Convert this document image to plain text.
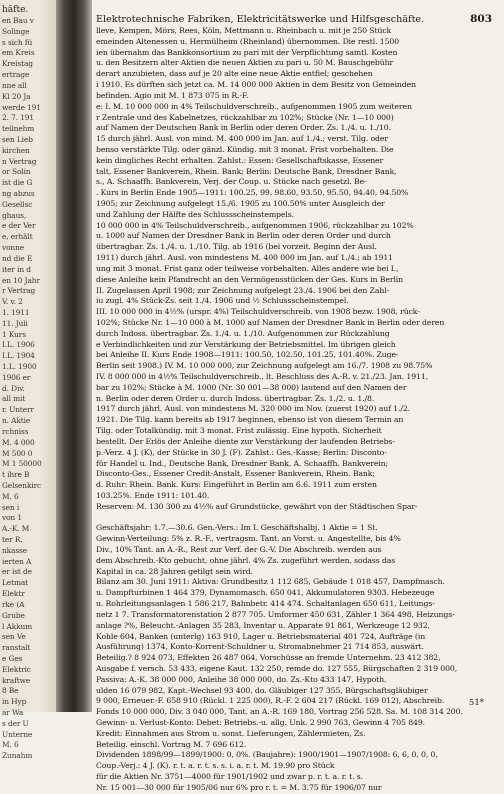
häfte.
en Bau v
Solinge
s sich fü
em Kreis
Kreistag
ertrage
nne all
Kl 20 Ja
werde 191
2. 7. 191
teilnehm
sen Lieb
kirchen
n Vertrag
or Solin
ist die G
ng abzus
Gesellsc
ghaus,
e der Ver
e, erhält
vonne
nd die E
iter in d
en 10 Jahr
r Vertrag
V. v. 2
1. 1911
11. Juli
1 Kurs
I.L. 1906
I.L. 1904
1.L. 1900
1906 er
d. Div.
all mit
r. Unterr
n. Aktie
rchniss
M. 4 000
M 500 0
M 1 50000
t ihre B
Gelsenkirc
M. 6
sen i
von 1
A.-K. M
ter R.
nkasse
ierten A
er ist de
Letmat
Elektr
rke (A
Grube
l Akkum
sen Ve
ranstalt
e Ges
Elektric
kraftwe
8 Be
in Hyp
ar Wa
s der U
Unterne
M. 6
Zunahm
Elektrotechnische Fabriken, Elektricitätswerke und Hilfsgeschäfte.	803
lleve, Kempen, Mörs, Rees, Köln, Mettmann u. Rheinbach u. mit je 250 Stück
emeinden Altenessen u. Hermülheim (Rheinland) übernommen. Die restl. 1500
ien übernahm das Bankkonsortium zu pari mit der Verpflichtung samtl. Kosten
u. den Besitzern alter Aktien die neuen Aktien zu pari u. 50 M. Bauschgebühr
derart anzubieten, dass auf je 20 alte eine neue Aktie entfiel; geschehen
i 1910. Es dürften sich jetzt ca. M. 14 000 000 Aktien in dem Besitz von Gemeinden
befinden. Agio mit M. 1 873 075 in R.-F.
e: I. M. 10 000 000 in 4% Teilschuldverschreib., aufgenommen 1905 zum weiteren
r Zentrale und des Kabelnetzes, rückzahlbar zu 102%; Stücke (Nr. 1—10 000)
auf Namen der Deutschen Bank in Berlin oder deren Order. Zs. 1./4. u. 1./10.
15 durch jährl. Ausl. von mind. M. 400 000 im Jan. auf 1./4.; verst. Tilg. oder
benso verstärkte Tilg. oder gänzl. Kündig. mit 3 monat. Frist vorbehalten. Die
kein dingliches Recht erhalten. Zahlst.: Essen: Gesellschaftskasse, Essener
talt, Essener Bankverein, Rhein. Bank; Berlin: Deutsche Bank, Dresdner Bank,
s., A. Schaaffh. Bankverein, Verj. der Coup. u. Stücke nach gesetzl. Be-
. Kurs in Berlin Ende 1905—1911: 100.25, 99, 98.60, 93.50, 95.50, 94.40, 94.50%
1905; zur Zeichnung aufgelegt 15./6. 1905 zu 100.50% unter Ausgleich der
und Zahlung der Hälfte des Schlussscheinstempels.
10 000 000 in 4% Teilschuldverschreib., aufgenommen 1906, rückzahlbar zu 102%
u. 1000 auf Namen der Dresdner Bank in Berlin oder deren Order und durch
übertragbar. Zs. 1./4. u. 1./10. Tilg. ab 1916 (bei vorzeit. Beginn der Ausl.
1911) durch jährl. Ausl. von mindestens M. 400 000 im Jan. auf 1./4.; ab 1911
ung mit 3 monat. Frist ganz oder teilweise vorbehalten. Alles andere wie bei I.,
diese Anleihe kein Pfandrecht an den Vermögensstücken der Ges. Kurs in Berlin
II. Zugelassen April 1908; zur Zeichnung aufgelegt 23./4. 1906 bei den Zahl-
iu zugl. 4% Stück-Zs. seit 1./4. 1906 und ½ Schlussscheinstempel.
III. 10 000 000 in 4½% (urspr. 4%) Teilschuldverschreib. von 1908 bezw. 1908, rück-
102%; Stücke Nr. 1—10 000 à M. 1000 auf Namen der Dresdner Bank in Berlin oder deren
durch Indoss. übertragbar. Zs. 1./4. u. 1./10. Aufgenommen zur Rückzahlung
e Verbindlichkeiten und zur Verstärkung der Betriebsmittel. Im übrigen gleich
bei Anleihe II. Kurs Ende 1908—1911: 100.50, 102.50, 101.25, 101.40%. Zuge-
Berlin seit 1908.) IV. M. 10 000 000, zur Zeichnung aufgelegt am 16./7. 1908 zu 98.75%
IV. 8 000 000 in 4½% Teilschuldverschreib., lt. Beschluss des A.-R. v. 21./23. Jan. 1911,
bar zu 102%; Stücke à M. 1000 (Nr. 30 001—38 000) lautend auf den Namen der
n. Berlin oder deren Order u. durch Indoss. übertragbar. Zs. 1./2. u. 1./8.
1917 durch jährl. Ausl. von mindestens M. 320 000 im Nov. (zuerst 1920) auf 1./2.
1921. Die Tilg. kann bereits ab 1917 beginnen, ebenso ist von diesem Termin an
Tilg. oder Totalkündig. mit 3 monat. Frist zulässig. Eine hypoth. Sicherheit
bestellt. Der Erlös der Anleihe diente zur Verstärkung der laufenden Betriebs-
p.-Verz. 4 J. (K), der Stücke in 30 J. (F). Zahlst.: Ges.-Kasse; Berlin: Disconto-
für Handel u. Ind., Deutsche Bank, Dresdner Bank, A. Schaaffh. Bankverein;
Disconto-Ges., Essener Credit-Anstalt, Essener Bankverein, Rhein. Bank;
d. Ruhr: Rhein. Bank. Kurs: Eingeführt in Berlin am 6.6. 1911 zum ersten
103.25%. Ende 1911: 101.40.
Reserven: M. 130 300 zu 4½% auf Grundstücke, gewährt von der Städtischen Spar-

Geschäftsjahr: 1.7.—30.6. Gen.-Vers.: Im I. Geschäftshalbj. 1 Aktie = 1 St.
Gewinn-Verteilung: 5% z. R.-F., vertragsm. Tant. an Vorst. u. Angestellte, bis 4%
Div., 10% Tant. an A.-R., Rest zur Verf. der G.-V. Die Abschreib. werden aus
dem Abschreib.-Kto gebucht, ohne jährl. 4% Zs. zugeführt werden, sodass das
Kapital in ca. 28 Jahren getilgt sein wird.
Bilanz am 30. Juni 1911: Aktiva: Grundbesitz 1 112 685, Gebäude 1 018 457, Dampfmasch.
u. Dampfturbinen 1 464 379, Dynamomasch. 650 041, Akkumulatoren 9303. Hebezeuge
u. Rohrleitungsanlagen 1 586 217, Bahnbetr. 414 474. Schaltanlagen 650 611, Leitungs-
netz 1 7. Transformatorenstation 2 877 705. Umformer 450 631, Zähler 1 364 498, Heizungs-
anlage ?%, Beleucht.-Anlagen 35 283, Inventar u. Apparate 91 861, Werkzeuge 12 932,
Kohle 604, Banken (unterlg) 163 910, Lager u. Betriebsmaterial 401 724, Aufträge (in
Ausführung) 1374, Konto-Korrent-Schuldner u. Stromabnehmer 21 714 853, auswärt.
Beteilig.? 8 924 073, Effekten 26 487 064, Vorschüsse an fremde Unternehm. 23 412 382,
Ausgabe f. versch. 53 433, eigene Kaut. 132 250, remde do. 127 555, Bürgschaften 2 319 000,
Passiva: A.-K. 38 000 000, Anleihe 38 000 000, do. Zs.-Kto 433 147, Hypoth.
ulden 16 079 982, Kapt.-Wechsel 93 400, do. Gläubiger 127 355, Bürgschaftsgläubiger
9 000, Erneuer.-F. 658 910 (Rückl. 1 225 000), R.-F. 2 604 217 (Rückl. 169 012), Abschreib.
Fonds 10 000 000, Div. 3 040 000, Tant. an A.-R. 169 180, Vortrag 256 528. Sa. M. 108 314 200.
Gewinn- u. Verlust-Konto: Debet: Betriebs.-u. allg. Unk. 2 990 763, Gewinn 4 705 849.
Kredit: Einnahmen aus Strom u. sonst. Lieferungen, Zählermieten, Zs.
Beteilig. einschl. Vortrag M. 7 696 612.
Dividenden 1898/99—1899/1900: 0, 0%. (Baujahre): 1900/1901—1907/1908: 6, 6, 0, 0, 0,
Coup.-Verj.: 4 J. (K). r. t. a. r. t. s. s. i. a. r. t. M. 19.90 pro Stück
für die Aktien Nr. 3751—4000 für 1901/1902 und zwar p. r. t. a. r. t. s.
Nr. 15 001—30 000 für 1905/06 nur 6% pro r. t. = M. 3.75 für 1906/07 nur
51*
